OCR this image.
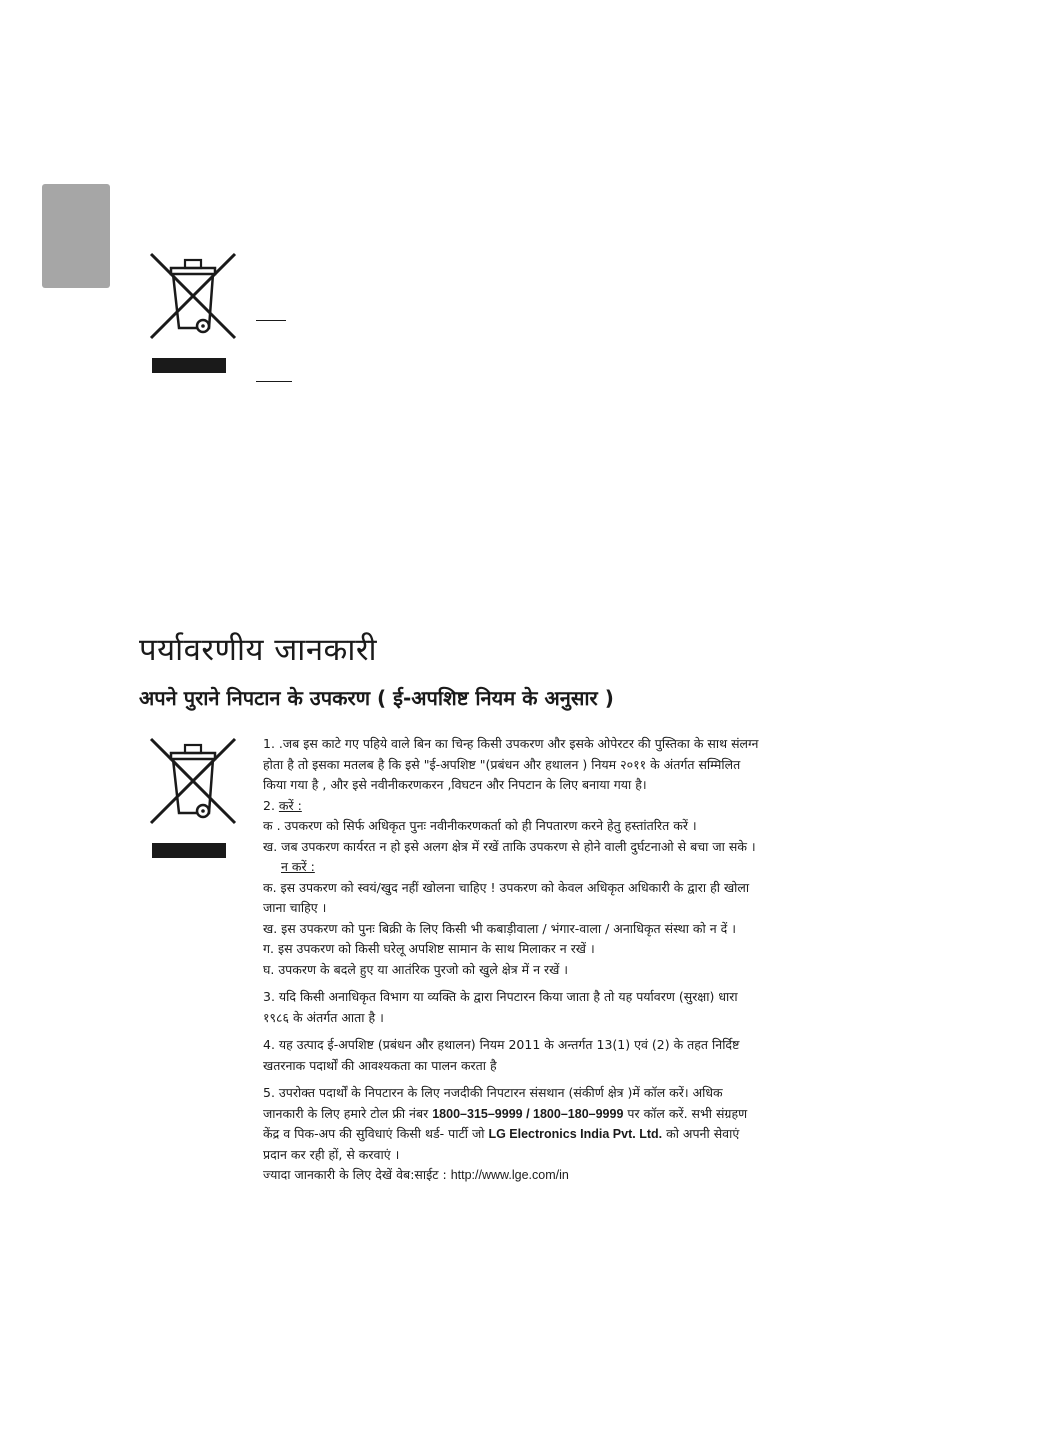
पर्यावरणीय जानकारी
अपने पुराने निपटान के उपकरण ( ई-अपशिष्ट नियम के अनुसार )

1. .जब इस काटे गए पहिये वाले बिन का चिन्ह किसी उपकरण और इसके ओपेरटर की पुस्तिका के साथ संलग्न होता है तो इसका मतलब है कि इसे "ई-अपशिष्ट "(प्रबंधन और हथालन ) नियम २०११ के अंतर्गत सम्मिलित किया गया है , और इसे नवीनीकरणकरन ,विघटन और निपटान के लिए बनाया गया है।

2. करें :

क . उपकरण को सिर्फ अधिकृत पुनः नवीनीकरणकर्ता को ही निपतारण करने हेतु हस्तांतरित करें ।

ख. जब उपकरण कार्यरत न हो इसे अलग क्षेत्र में रखें ताकि उपकरण से होने वाली दुर्घटनाओ से बचा जा सके ।

न करें :

क. इस उपकरण को स्वयं/खुद नहीं खोलना चाहिए ! उपकरण को केवल अधिकृत अधिकारी के द्वारा ही खोला जाना चाहिए ।

ख. इस उपकरण को पुनः बिक्री के लिए किसी भी कबाड़ीवाला / भंगार-वाला / अनाधिकृत संस्था को न दें ।

ग. इस उपकरण को किसी घरेलू अपशिष्ट सामान के साथ मिलाकर न रखें ।

घ. उपकरण के बदले हुए या आतंरिक पुरजो को खुले क्षेत्र में न रखें ।

3. यदि किसी अनाधिकृत विभाग या व्यक्ति के द्वारा निपटारन किया जाता है तो यह पर्यावरण (सुरक्षा) धारा १९८६ के अंतर्गत आता है ।

4. यह उत्पाद ई-अपशिष्ट (प्रबंधन और हथालन) नियम 2011 के अन्तर्गत 13(1) एवं (2) के तहत निर्दिष्ट खतरनाक पदार्थों की आवश्यकता का पालन करता है

5. उपरोक्त पदार्थों के निपटारन के लिए नजदीकी निपटारन संसथान (संकीर्ण क्षेत्र )में कॉल करें। अधिक जानकारी के लिए हमारे टोल फ्री नंबर 1800–315–9999 / 1800–180–9999 पर कॉल करें. सभी संग्रहण केंद्र व पिक-अप की सुविधाएं किसी थर्ड- पार्टी जो LG Electronics India Pvt. Ltd. को अपनी सेवाएं प्रदान कर रही हों, से करवाएं ।

ज्यादा जानकारी के लिए देखें वेब:साईट : http://www.lge.com/in
